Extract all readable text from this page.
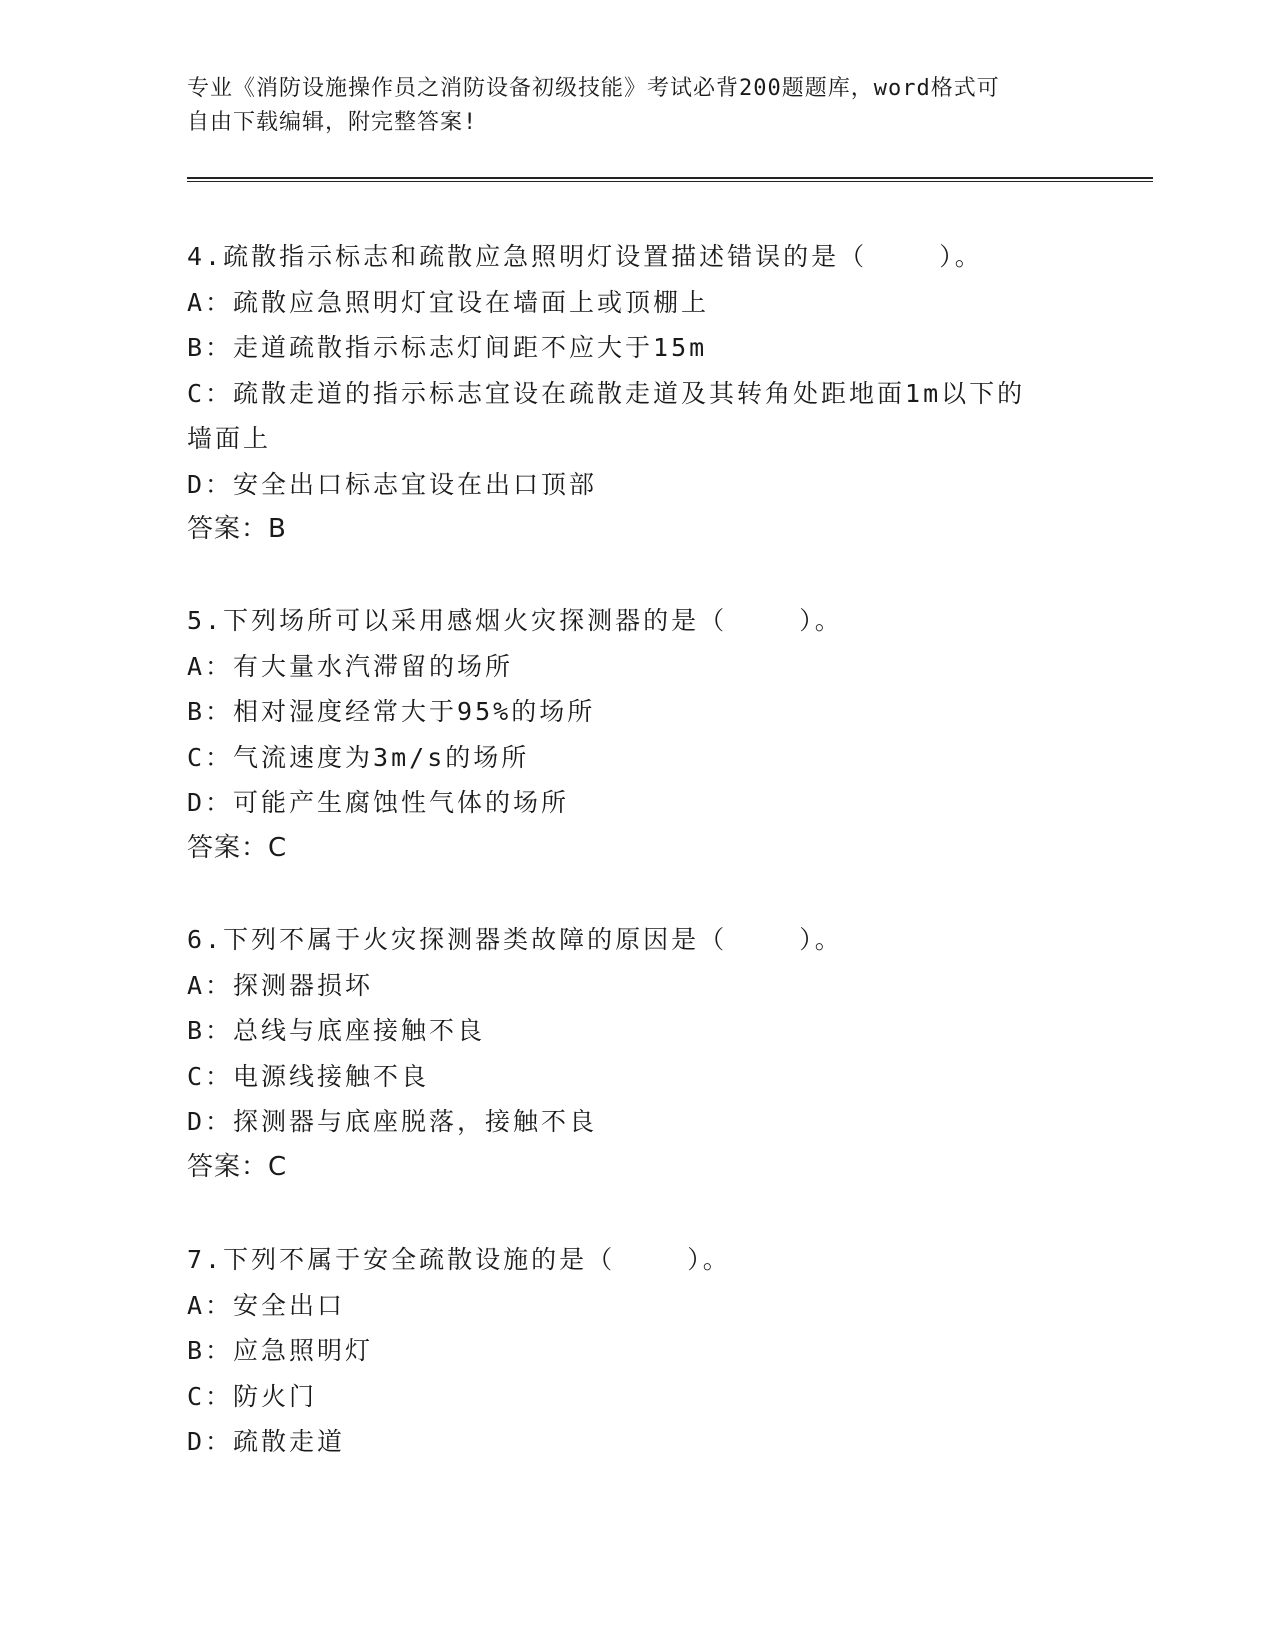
专业《消防设施操作员之消防设备初级技能》考试必背200题题库，word格式可
自由下载编辑，附完整答案!
4.疏散指示标志和疏散应急照明灯设置描述错误的是（    ）。
A：疏散应急照明灯宜设在墙面上或顶棚上
B：走道疏散指示标志灯间距不应大于15m
C：疏散走道的指示标志宜设在疏散走道及其转角处距地面1m以下的
墙面上
D：安全出口标志宜设在出口顶部
答案：B
5.下列场所可以采用感烟火灾探测器的是（    ）。
A：有大量水汽滞留的场所
B：相对湿度经常大于95%的场所
C：气流速度为3m/s的场所
D：可能产生腐蚀性气体的场所
答案：C
6.下列不属于火灾探测器类故障的原因是（    ）。
A：探测器损坏
B：总线与底座接触不良
C：电源线接触不良
D：探测器与底座脱落，接触不良
答案：C
7.下列不属于安全疏散设施的是（    ）。
A：安全出口
B：应急照明灯
C：防火门
D：疏散走道
